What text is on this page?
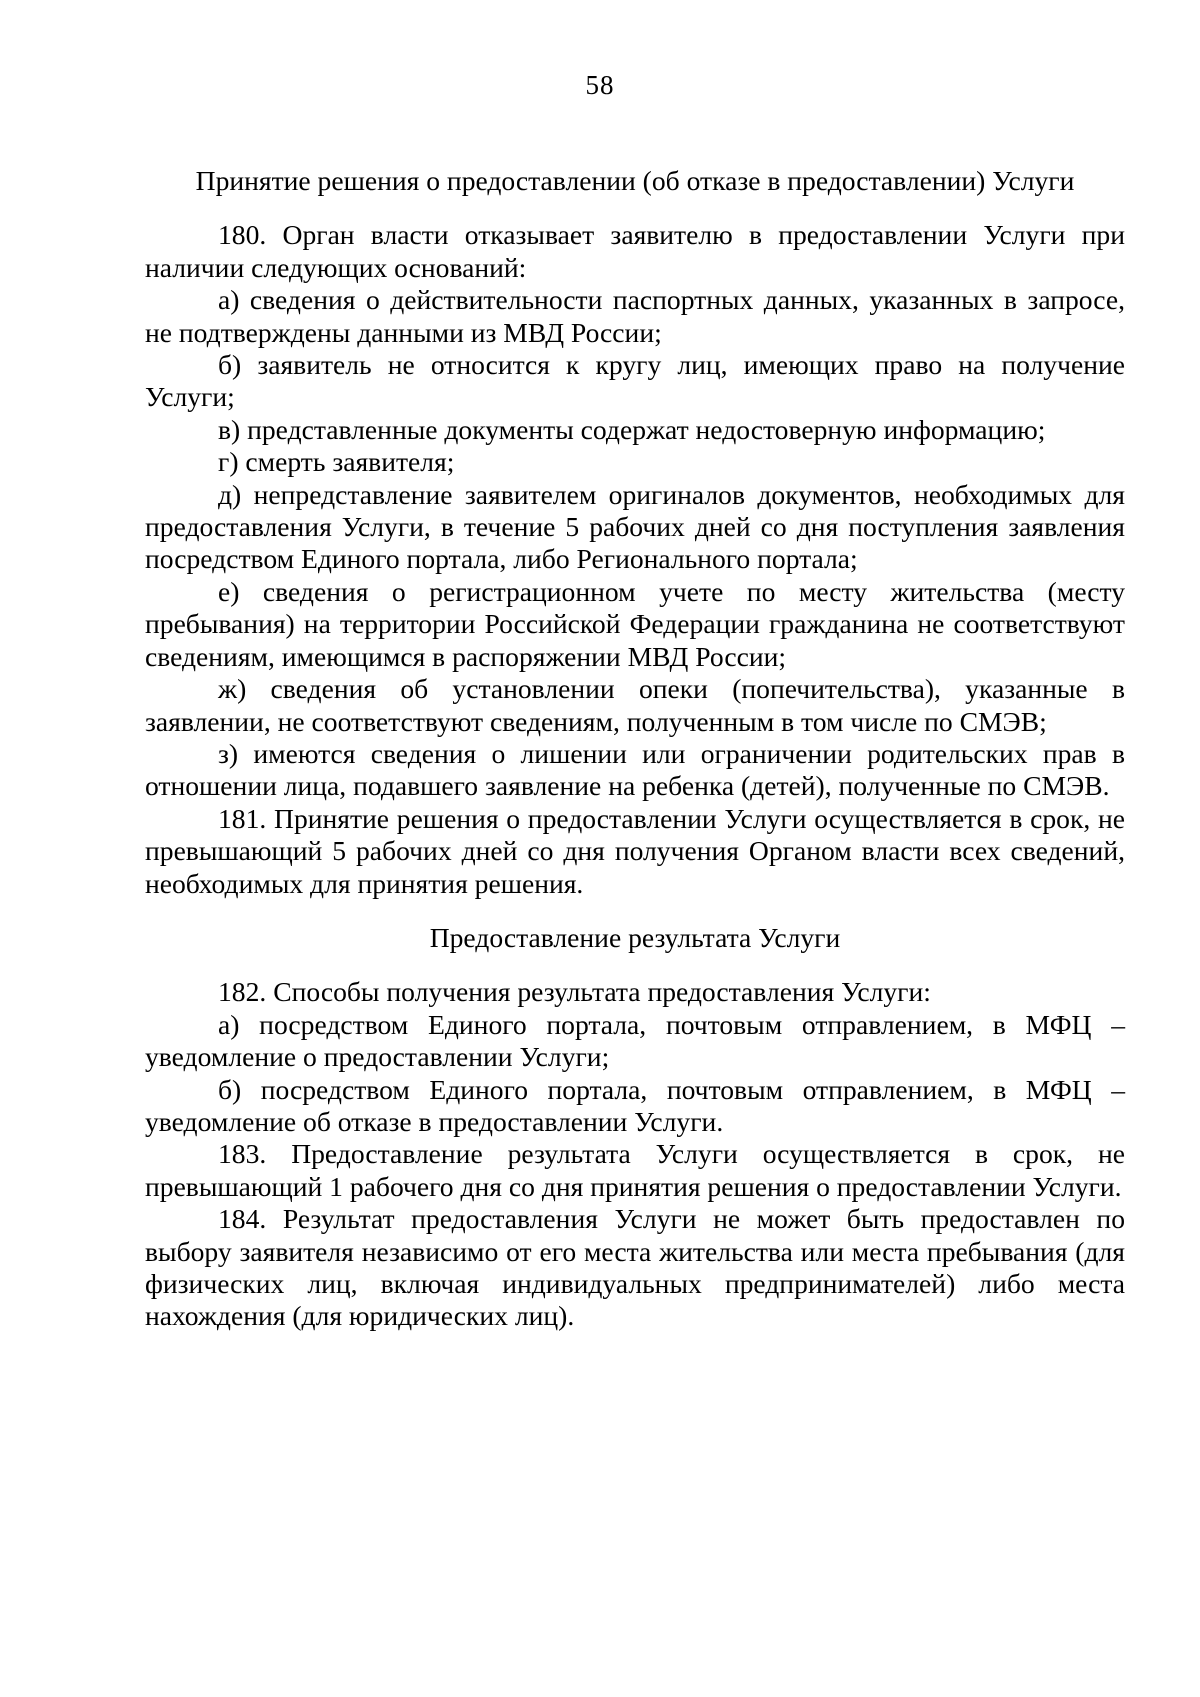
58
Принятие решения о предоставлении (об отказе в предоставлении) Услуги

180. Орган власти отказывает заявителю в предоставлении Услуги при наличии следующих оснований:

а) сведения о действительности паспортных данных, указанных в запросе, не подтверждены данными из МВД России;

б) заявитель не относится к кругу лиц, имеющих право на получение Услуги;

в) представленные документы содержат недостоверную информацию;

г) смерть заявителя;

д) непредставление заявителем оригиналов документов, необходимых для предоставления Услуги, в течение 5 рабочих дней со дня поступления заявления посредством Единого портала, либо Регионального портала;

е) сведения о регистрационном учете по месту жительства (месту пребывания) на территории Российской Федерации гражданина не соответствуют сведениям, имеющимся в распоряжении МВД России;

ж) сведения об установлении опеки (попечительства), указанные в заявлении, не соответствуют сведениям, полученным в том числе по СМЭВ;

з) имеются сведения о лишении или ограничении родительских прав в отношении лица, подавшего заявление на ребенка (детей), полученные по СМЭВ.

181. Принятие решения о предоставлении Услуги осуществляется в срок, не превышающий 5 рабочих дней со дня получения Органом власти всех сведений, необходимых для принятия решения.

Предоставление результата Услуги

182. Способы получения результата предоставления Услуги:

а) посредством Единого портала, почтовым отправлением, в МФЦ – уведомление о предоставлении Услуги;

б) посредством Единого портала, почтовым отправлением, в МФЦ – уведомление об отказе в предоставлении Услуги.

183. Предоставление результата Услуги осуществляется в срок, не превышающий 1 рабочего дня со дня принятия решения о предоставлении Услуги.

184. Результат предоставления Услуги не может быть предоставлен по выбору заявителя независимо от его места жительства или места пребывания (для физических лиц, включая индивидуальных предпринимателей) либо места нахождения (для юридических лиц).
